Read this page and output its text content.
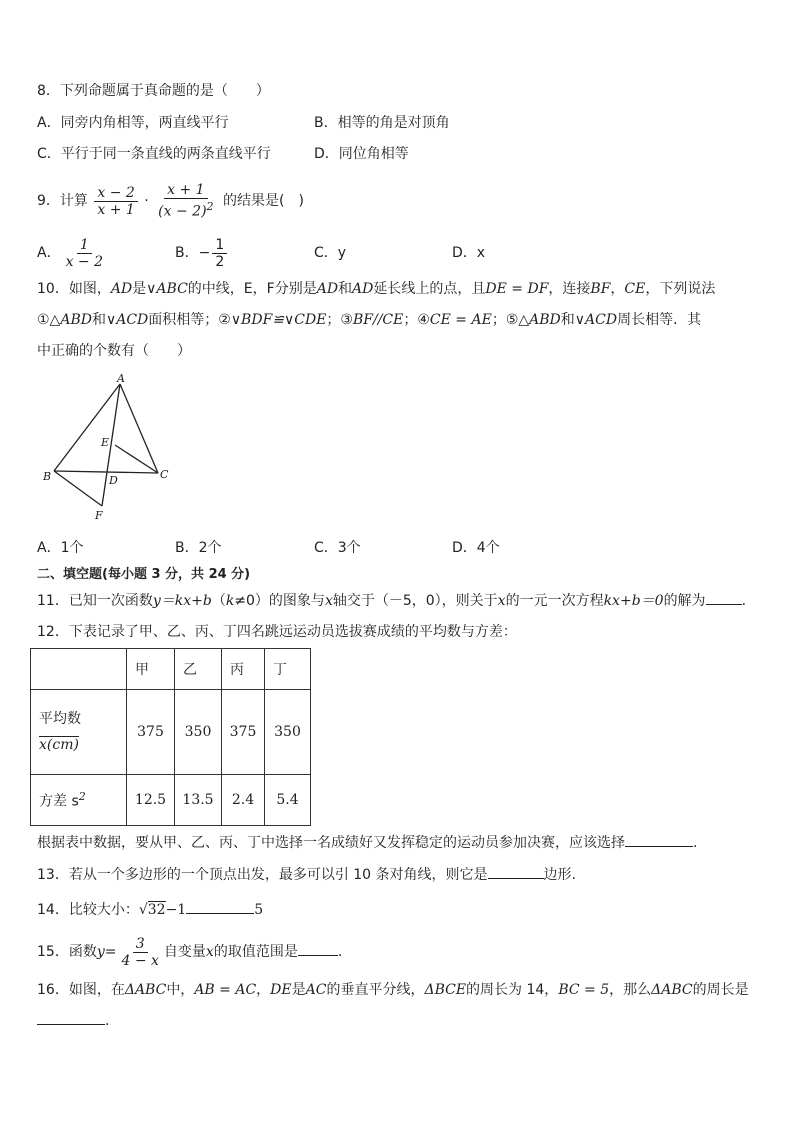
8．下列命题属于真命题的是（　　）
A．同旁内角相等，两直线平行	B．相等的角是对顶角
C．平行于同一条直线的两条直线平行	D．同位角相等
9．计算 $\frac{x - 2}{x + 1} \cdot \frac{x + 1}{(x - 2)^2}$ 的结果是(　)
A． $\frac{1}{x - 2}$	B．− $\frac{1}{2}$	C．y	D．x
10．如图，AD是∨ABC的中线，E，F分别是AD和AD延长线上的点，且DE = DF，连接BF，CE，下列说法
①△ABD和∨ACD面积相等；②∨BDF≌∨CDE；③BF//CE；④CE = AE；⑤△ABD和∨ACD周长相等．其
中正确的个数有（　　）
A
B	C
D
E
F
A．1个	B．2个	C．3个	D．4个
二、填空题(每小题 3 分，共 24 分)
11．已知一次函数y＝kx+b（k≠0）的图象与x轴交于（－5，0），则关于x的一元一次方程kx+b＝0的解为	.
12．下表记录了甲、乙、丙、丁四名跳远运动员选拔赛成绩的平均数与方差：
	甲	乙	丙	丁

平均数
x(cm)	375	350	375	350
方差 $s^2$	12.5	13.5	2.4	5.4
根据表中数据，要从甲、乙、丙、丁中选择一名成绩好又发挥稳定的运动员参加决赛，应该选择	.
13．若从一个多边形的一个顶点出发，最多可以引 10 条对角线，则它是	边形.
14．比较大小：√32−1	5
15．函数$y= \frac{3}{4 - x}$ 自变量x的取值范围是	.
16．如图，在ΔABC中，AB = AC，DE是AC的垂直平分线，ΔBCE的周长为 14，BC = 5，那么ΔABC的周长是
.
